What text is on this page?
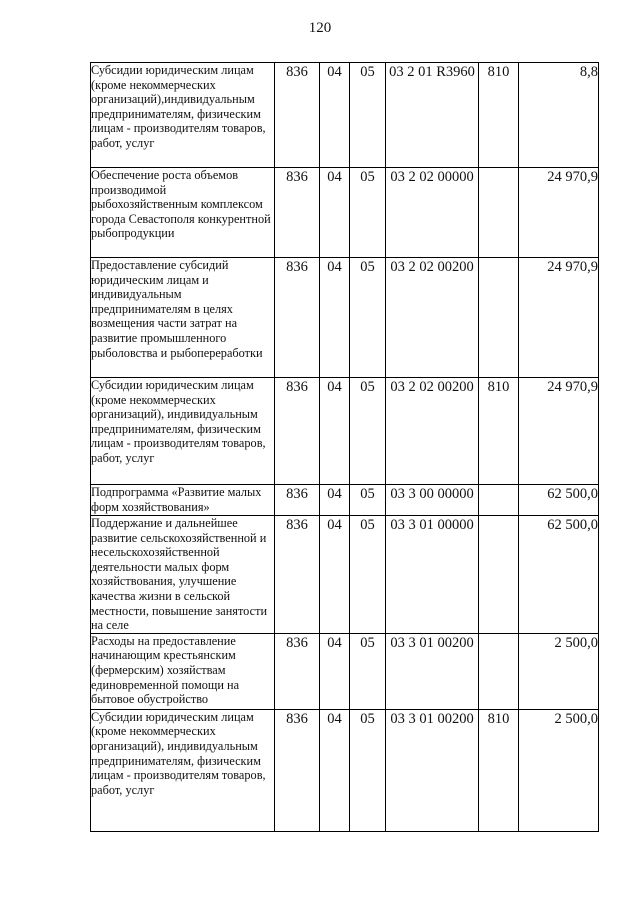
120
Субсидии юридическим лицам (кроме некоммерческих организаций),индивидуальным предпринимателям, физическим лицам - производителям товаров, работ, услуг	836	04	05	03 2 01 R3960	810	8,8
Обеспечение роста объемов производимой рыбохозяйственным комплексом города Севастополя конкурентной рыбопродукции	836	04	05	03 2 02 00000		24 970,9
Предоставление субсидий юридическим лицам и индивидуальным предпринимателям в целях возмещения части затрат на развитие промышленного рыболовства и рыбопереработки	836	04	05	03 2 02 00200		24 970,9
Субсидии юридическим лицам (кроме некоммерческих организаций), индивидуальным предпринимателям, физическим лицам - производителям товаров, работ, услуг	836	04	05	03 2 02 00200	810	24 970,9
Подпрограмма «Развитие малых форм хозяйствования»	836	04	05	03 3 00 00000		62 500,0
Поддержание и дальнейшее развитие сельскохозяйственной и несельскохозяйственной деятельности малых форм хозяйствования, улучшение качества жизни в сельской местности, повышение занятости на селе	836	04	05	03 3 01 00000		62 500,0
Расходы на предоставление начинающим крестьянским (фермерским) хозяйствам единовременной помощи на бытовое обустройство	836	04	05	03 3 01 00200		2 500,0
Субсидии юридическим лицам (кроме некоммерческих организаций), индивидуальным предпринимателям, физическим лицам - производителям товаров, работ, услуг	836	04	05	03 3 01 00200	810	2 500,0
